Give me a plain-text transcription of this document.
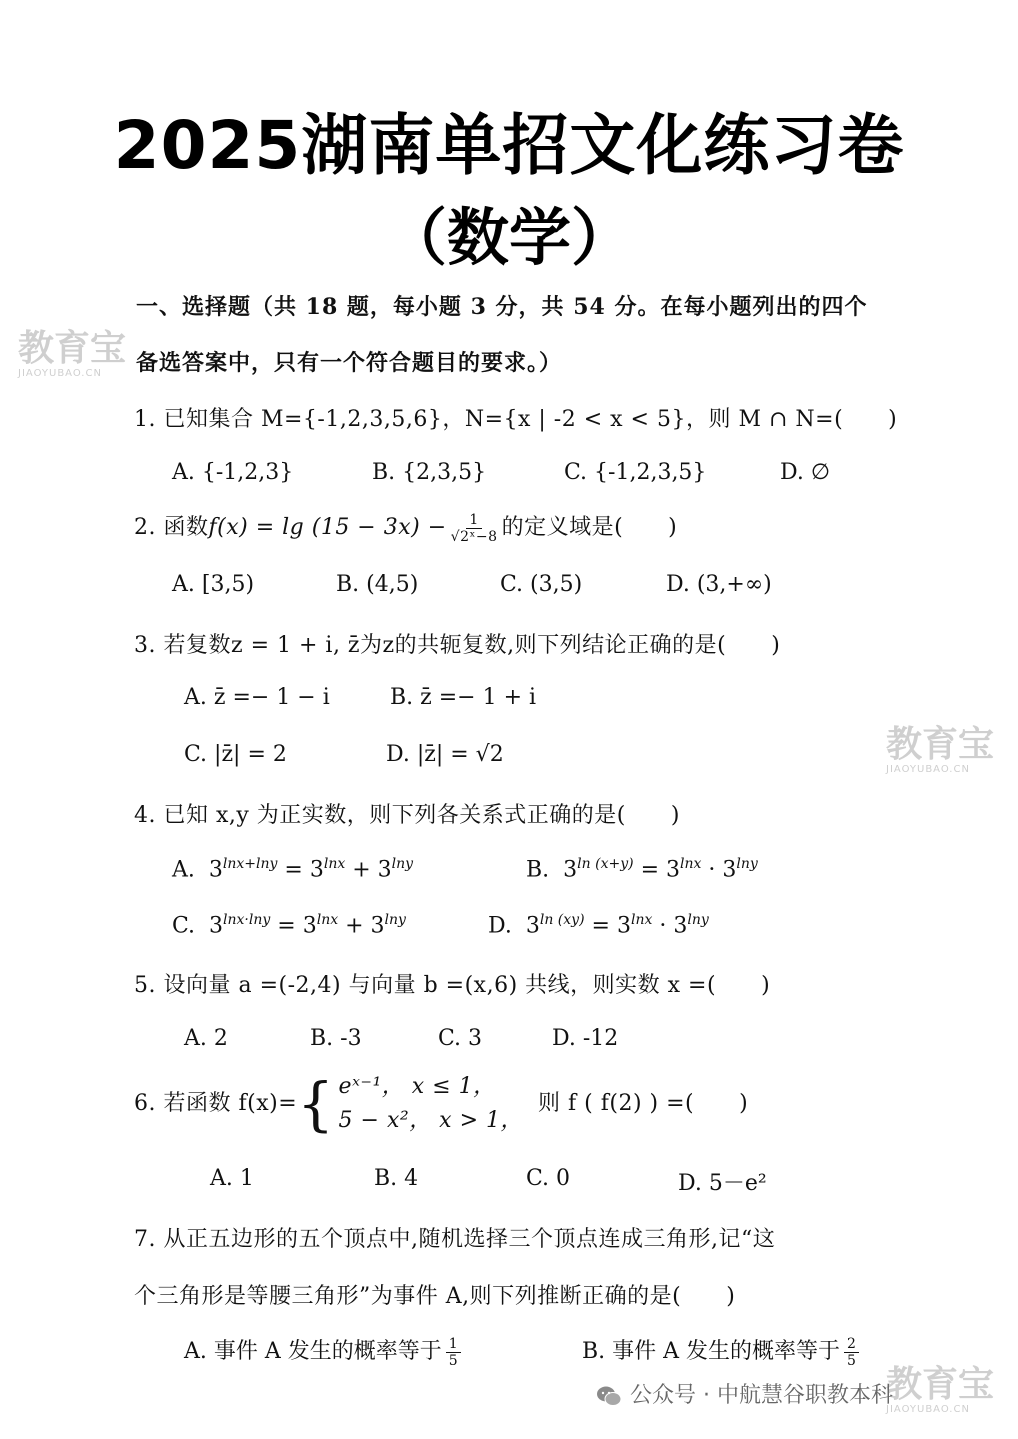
2025湖南单招文化练习卷
（数学）
一、选择题（共 18 题，每小题 3 分，共 54 分。在每小题列出的四个
备选答案中，只有一个符合题目的要求。）
1. 已知集合 M={-1,2,3,5,6}，N={x | -2 < x < 5}，则 M ∩ N=(　　)
A. {-1,2,3}	B. {2,3,5}	C. {-1,2,3,5}	D. ∅
2. 函数$f(x) = \lg (15 - 3x) - \frac{1}{\text{√2ˣ−8}}$ 的定义域是(　　)
A. [3,5)	B. (4,5)	C. (3,5)	D. (3,+∞)
3. 若复数z = 1 + i, z̄为z的共轭复数,则下列结论正确的是(　　)
A. z̄ =− 1 − i	B. z̄ =− 1 + i
C. |z̄| = 2	D. |z̄| = √2
4. 已知 x,y 为正实数，则下列各关系式正确的是(　　)
A. $3^{lnx+lny} = 3^{lnx} + 3^{lny}$	B. $3^{ln (x+y)} = 3^{lnx} \cdot 3^{lny}$
C. $3^{lnx\cdot lny} = 3^{lnx} + 3^{lny}$	D. $3^{ln (xy)} = 3^{lnx} \cdot 3^{lny}$
5. 设向量 a =(-2,4) 与向量 b =(x,6) 共线，则实数 x =(　　)
A. 2	B. -3	C. 3	D. -12
6. 若函数 f(x)={ eˣ⁻¹， x ≤ 1，
5 − x²， x > 1，
则 f ( f(2) ) =(　　)
A. 1	B. 4	C. 0	D. 5－e²
7. 从正五边形的五个顶点中,随机选择三个顶点连成三角形,记“这
个三角形是等腰三角形”为事件 A,则下列推断正确的是(　　)
A. 事件 A 发生的概率等于 $\frac{1}{5}$	B. 事件 A 发生的概率等于 $\frac{2}{5}$
教育宝
JIAOYUBAO.CN
教育宝
JIAOYUBAO.CN
教育宝
JIAOYUBAO.CN
公众号 · 中航慧谷职教本科
